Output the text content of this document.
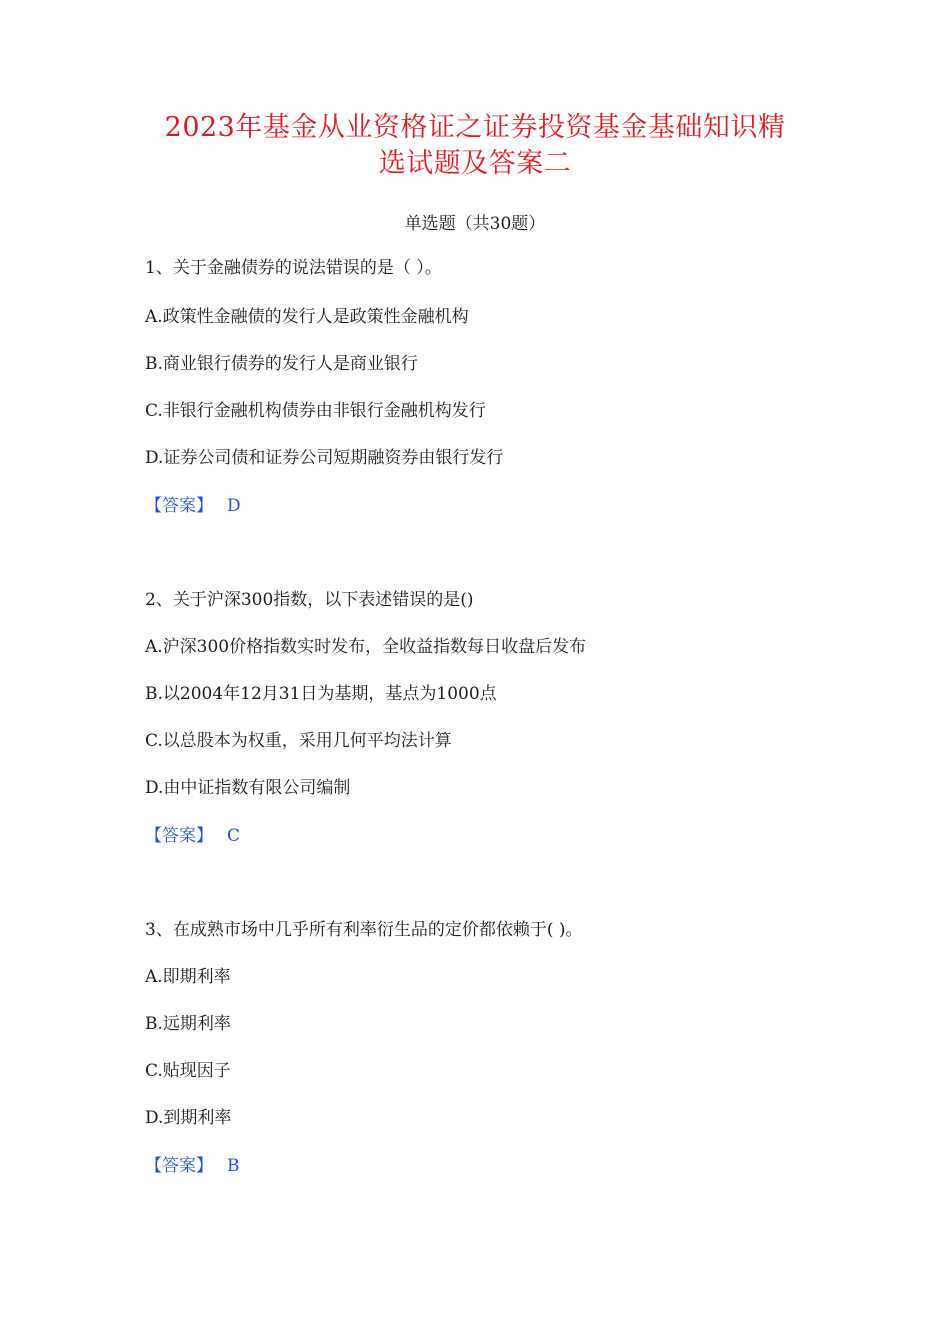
2023年基金从业资格证之证券投资基金基础知识精
选试题及答案二
单选题（共30题）
1、关于金融债券的说法错误的是（ ）。
A.政策性金融债的发行人是政策性金融机构
B.商业银行债券的发行人是商业银行
C.非银行金融机构债券由非银行金融机构发行
D.证券公司债和证券公司短期融资券由银行发行
【答案】 D
2、关于沪深300指数，以下表述错误的是()
A.沪深300价格指数实时发布，全收益指数每日收盘后发布
B.以2004年12月31日为基期，基点为1000点
C.以总股本为权重，采用几何平均法计算
D.由中证指数有限公司编制
【答案】 C
3、在成熟市场中几乎所有利率衍生品的定价都依赖于( )。
A.即期利率
B.远期利率
C.贴现因子
D.到期利率
【答案】 B
